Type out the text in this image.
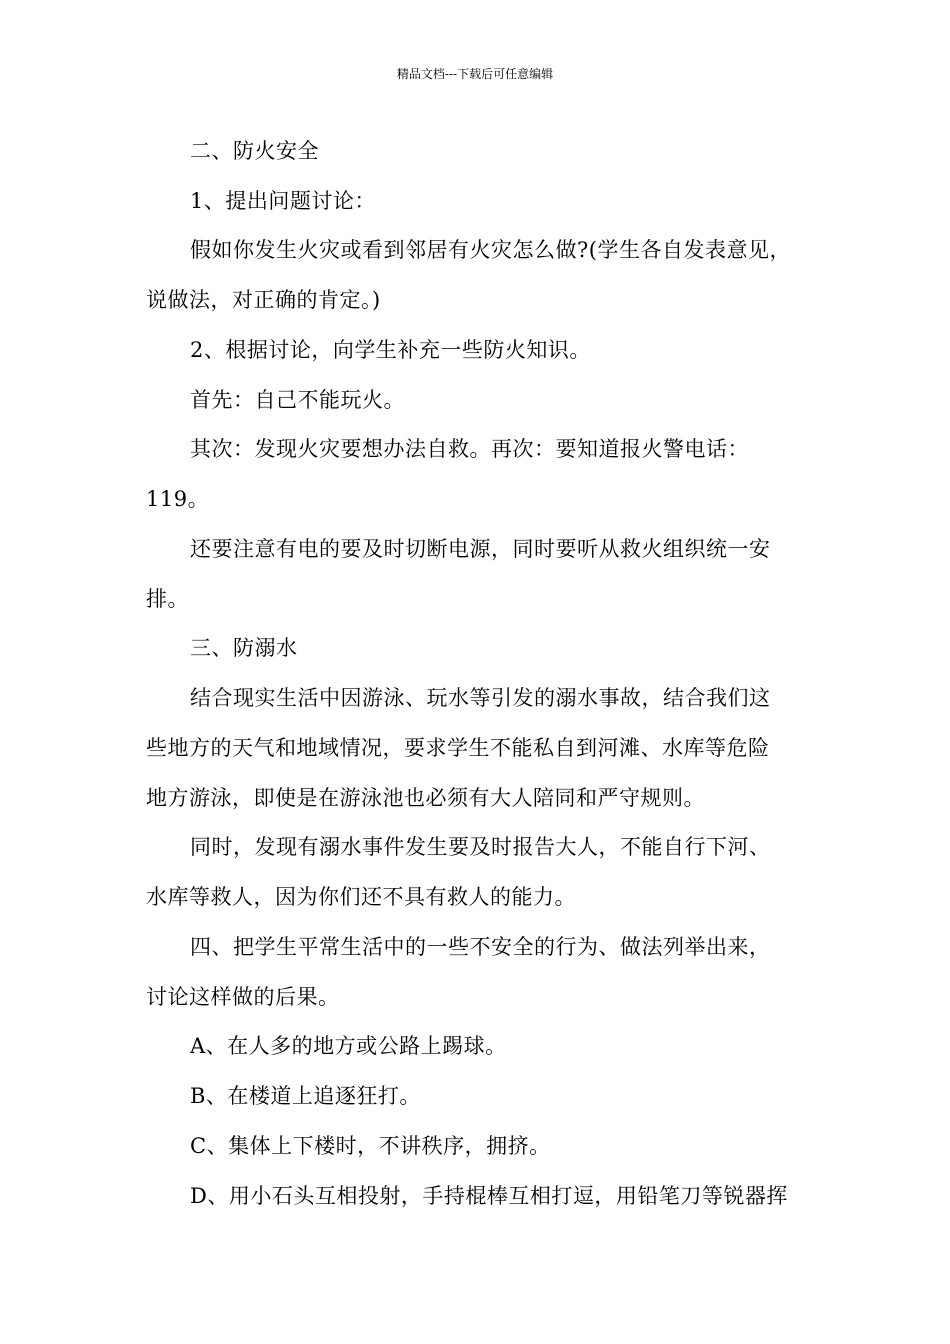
精品文档---下载后可任意编辑
二、防火安全
1、提出问题讨论：
假如你发生火灾或看到邻居有火灾怎么做?(学生各自发表意见，
说做法，对正确的肯定。)
2、根据讨论，向学生补充一些防火知识。
首先：自己不能玩火。
其次：发现火灾要想办法自救。再次：要知道报火警电话：
119。
还要注意有电的要及时切断电源，同时要听从救火组织统一安
排。
三、防溺水
结合现实生活中因游泳、玩水等引发的溺水事故，结合我们这
些地方的天气和地域情况，要求学生不能私自到河滩、水库等危险
地方游泳，即使是在游泳池也必须有大人陪同和严守规则。
同时，发现有溺水事件发生要及时报告大人，不能自行下河、
水库等救人，因为你们还不具有救人的能力。
四、把学生平常生活中的一些不安全的行为、做法列举出来，
讨论这样做的后果。
A、在人多的地方或公路上踢球。
B、在楼道上追逐狂打。
C、集体上下楼时，不讲秩序，拥挤。
D、用小石头互相投射，手持棍棒互相打逗，用铅笔刀等锐器挥
